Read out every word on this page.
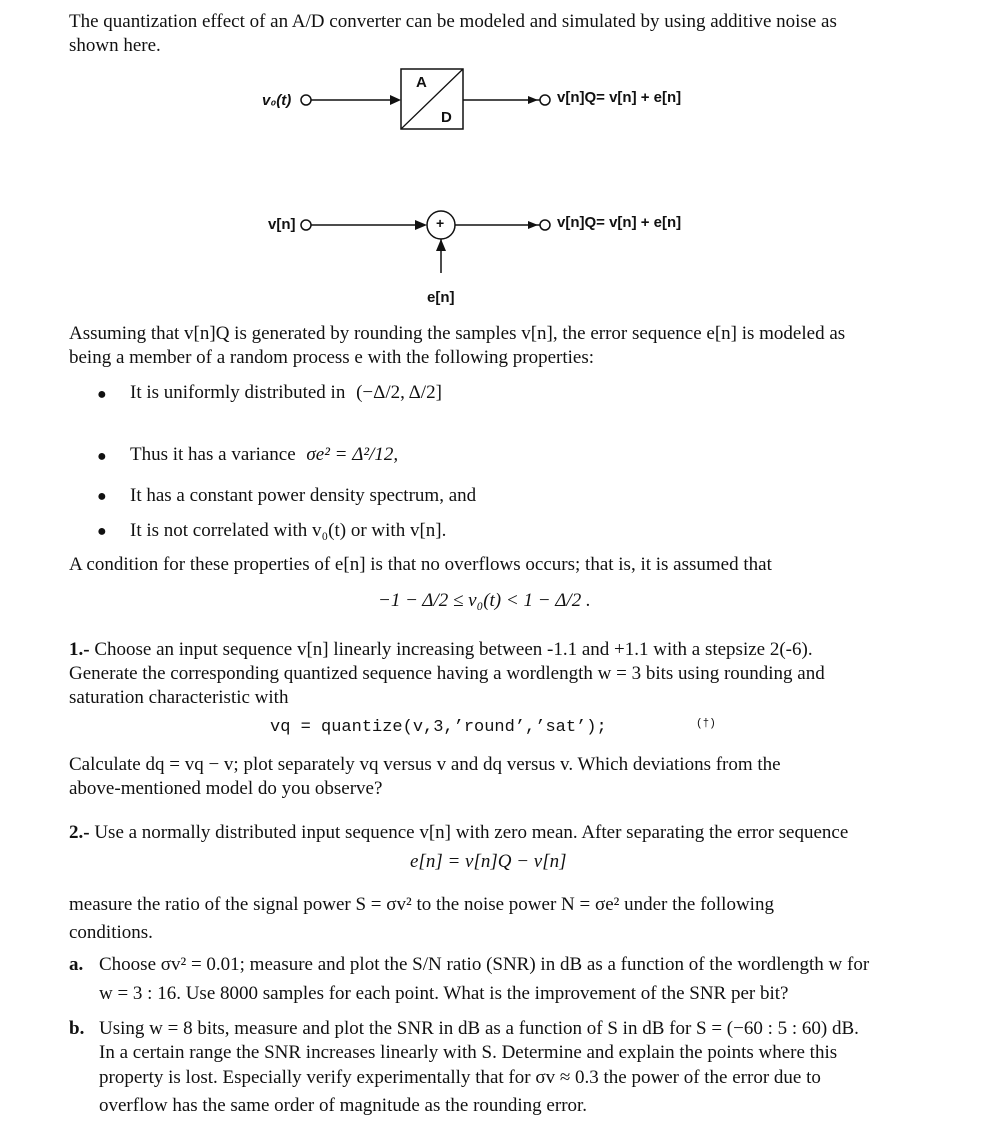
The quantization effect of an A/D converter can be modeled and simulated by using additive noise as
shown here.
A
D
v₀(t)	v[n]Q= v[n] + e[n]
+
v[n]	v[n]Q= v[n] + e[n]
e[n]
Assuming that v[n]Q is generated by rounding the samples v[n], the error sequence e[n] is modeled as
being a member of a random process e with the following properties:
● It is uniformly distributed in (−Δ/2, Δ/2]
● Thus it has a variance σe² = Δ²/12,
● It has a constant power density spectrum, and
● It is not correlated with v₀(t) or with v[n].
A condition for these properties of e[n] is that no overflows occurs; that is, it is assumed that
−1 − Δ/2 ≤ v₀(t) < 1 − Δ/2 .
1.- Choose an input sequence v[n] linearly increasing between -1.1 and +1.1 with a stepsize 2(-6).
Generate the corresponding quantized sequence having a wordlength w = 3 bits using rounding and
saturation characteristic with
vq = quantize(v,3,’round’,’sat’);	(†)
Calculate dq = vq − v; plot separately vq versus v and dq versus v. Which deviations from the
above-mentioned model do you observe?
2.- Use a normally distributed input sequence v[n] with zero mean. After separating the error sequence
e[n] = v[n]Q − v[n]
measure the ratio of the signal power S = σv² to the noise power N = σe² under the following
conditions.
a. Choose σv² = 0.01; measure and plot the S/N ratio (SNR) in dB as a function of the wordlength w for
w = 3 : 16. Use 8000 samples for each point. What is the improvement of the SNR per bit?
b. Using w = 8 bits, measure and plot the SNR in dB as a function of S in dB for S = (−60 : 5 : 60) dB.
In a certain range the SNR increases linearly with S. Determine and explain the points where this
property is lost. Especially verify experimentally that for σv ≈ 0.3 the power of the error due to
overflow has the same order of magnitude as the rounding error.
